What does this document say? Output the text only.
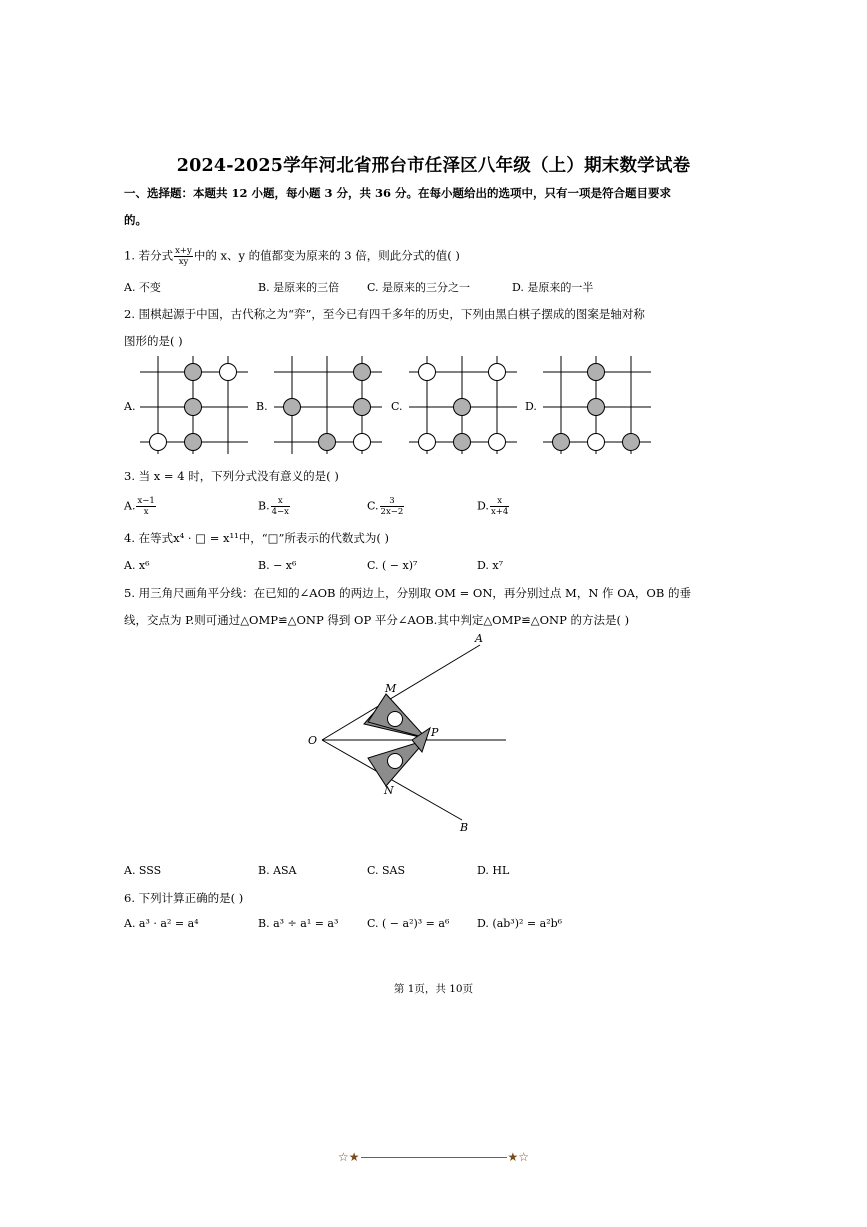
2024-2025学年河北省邢台市任泽区八年级（上）期末数学试卷
一、选择题：本题共 12 小题，每小题 3 分，共 36 分。在每小题给出的选项中，只有一项是符合题目要求
的。
1. 若分式 $\frac{x+y}{xy}$ 中的 x、y 的值都变为原来的 3 倍，则此分式的值( )
A. 不变	B. 是原来的三倍	C. 是原来的三分之一	D. 是原来的一半
2. 围棋起源于中国，古代称之为“弈”，至今已有四千多年的历史，下列由黑白棋子摆成的图案是轴对称
图形的是( )
A.	B.	C.	D.
3. 当 x = 4 时，下列分式没有意义的是( )
A. $\frac{x-1}{x}$	B. $\frac{x}{4-x}$	C. $\frac{3}{2x-2}$	D. $\frac{x}{x+4}$
4. 在等式x⁴ · □ = x¹¹中，“□”所表示的代数式为( )
A. x⁶	B. − x⁶	C. ( − x)⁷	D. x⁷
5. 用三角尺画角平分线：在已知的∠AOB 的两边上，分别取 OM = ON，再分别过点 M，N 作 OA，OB 的垂
线，交点为 P.则可通过△OMP≌△ONP 得到 OP 平分∠AOB.其中判定△OMP≌△ONP 的方法是( )
A
B
O
M
N
P
A. SSS	B. ASA	C. SAS	D. HL
6. 下列计算正确的是( )
A. a³ · a² = a⁴	B. a³ ÷ a¹ = a³	C. ( − a²)³ = a⁶	D. (ab³)² = a²b⁶
第 1页，共 10页
☆★	★☆
